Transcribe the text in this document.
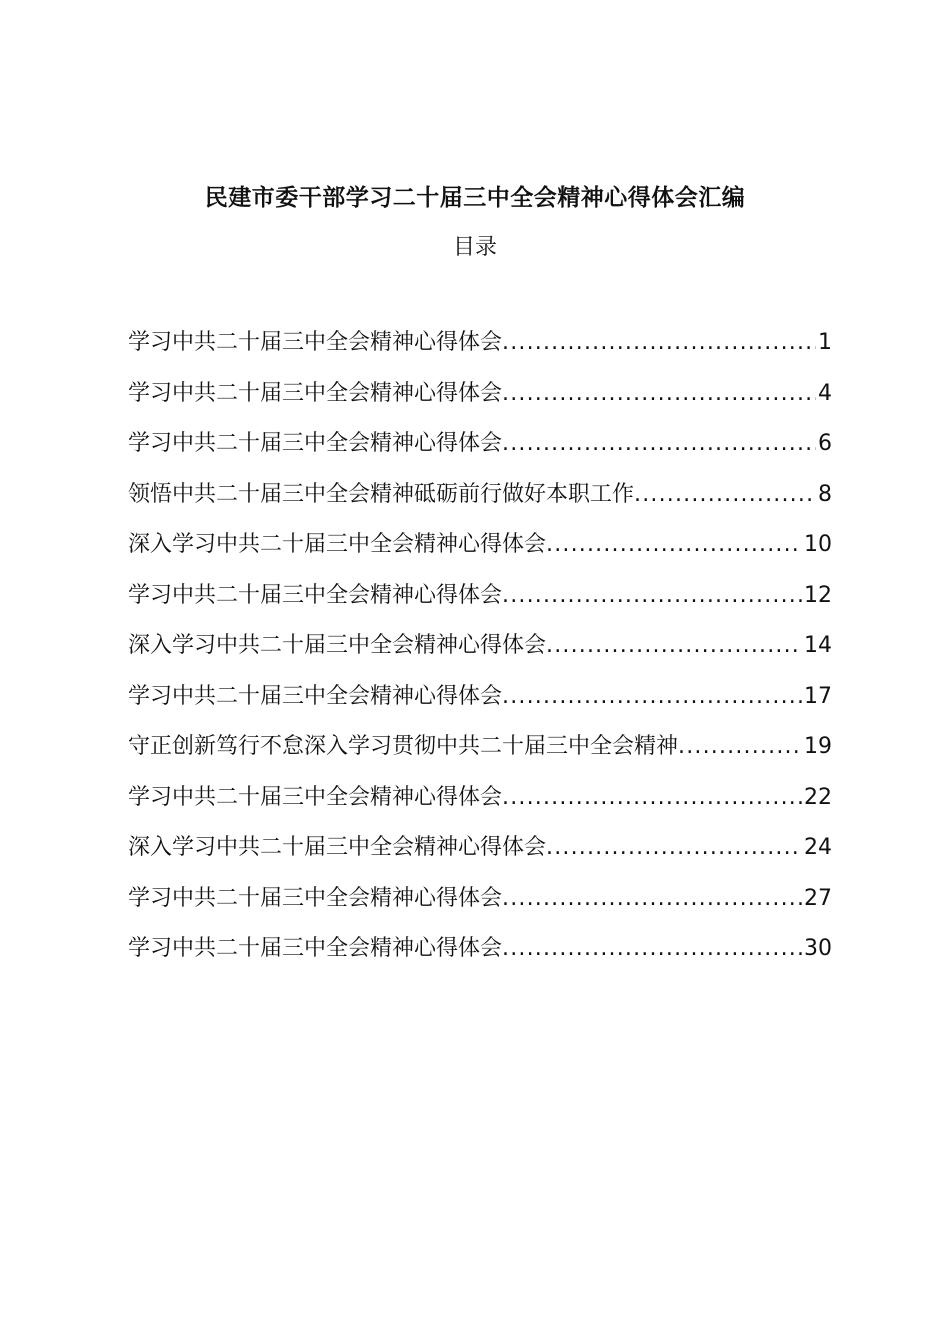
民建市委干部学习二十届三中全会精神心得体会汇编
目录
学习中共二十届三中全会精神心得体会 .....	1
学习中共二十届三中全会精神心得体会 .....	4
学习中共二十届三中全会精神心得体会 .....	6
领悟中共二十届三中全会精神砥砺前行做好本职工作 .....	8
深入学习中共二十届三中全会精神心得体会 .....	10
学习中共二十届三中全会精神心得体会 .....	12
深入学习中共二十届三中全会精神心得体会 .....	14
学习中共二十届三中全会精神心得体会 .....	17
守正创新笃行不怠深入学习贯彻中共二十届三中全会精神 .....	19
学习中共二十届三中全会精神心得体会 .....	22
深入学习中共二十届三中全会精神心得体会 .....	24
学习中共二十届三中全会精神心得体会 .....	27
学习中共二十届三中全会精神心得体会 .....	30
